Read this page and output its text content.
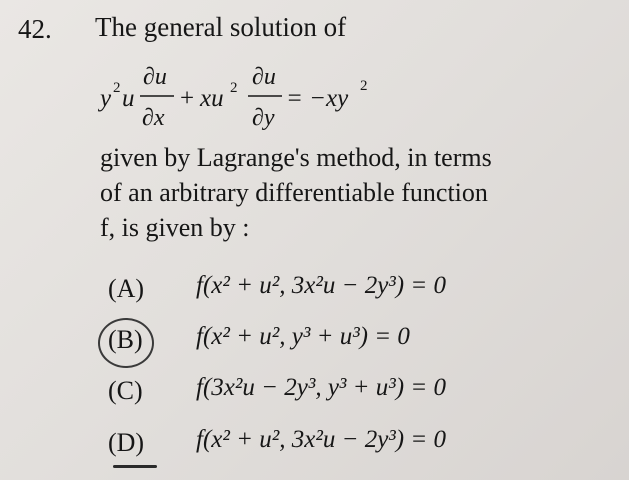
42. The general solution of
y 2 u
∂u
∂x
+ xu 2 ∂u
∂y
= −xy 2
given by Lagrange's method, in terms
of an arbitrary differentiable function
f, is given by :
(A) f(x² + u², 3x²u − 2y³) = 0
(B) f(x² + u², y³ + u³) = 0
(C) f(3x²u − 2y³, y³ + u³) = 0
(D) f(x² + u², 3x²u − 2y³) = 0
